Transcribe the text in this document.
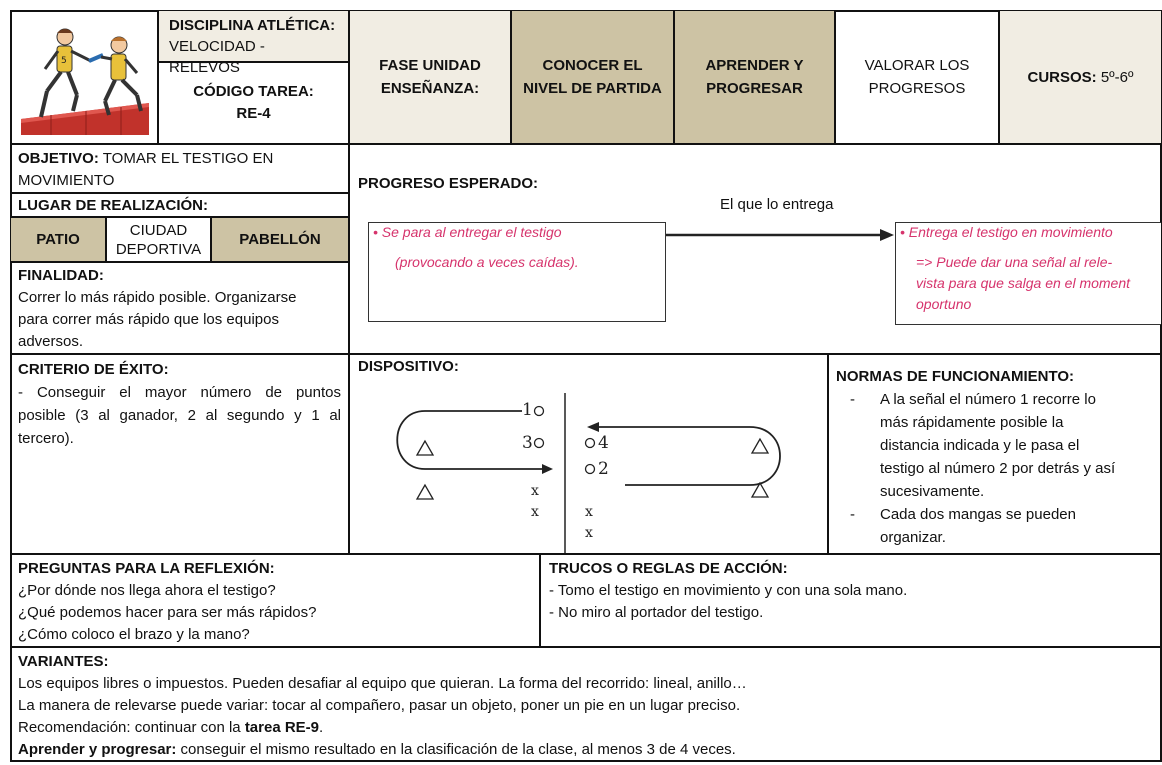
5
DISCIPLINA ATLÉTICA:
VELOCIDAD - RELEVOS
CÓDIGO TAREA:
RE-4
FASE UNIDAD
ENSEÑANZA:
CONOCER EL
NIVEL DE PARTIDA
APRENDER Y
PROGRESAR
VALORAR LOS
PROGRESOS
CURSOS:
5º-6º
OBJETIVO: TOMAR EL TESTIGO EN
MOVIMIENTO
LUGAR DE REALIZACIÓN:
PATIO
CIUDAD
DEPORTIVA
PABELLÓN
FINALIDAD:
Correr lo más rápido posible. Organizarse
para correr más rápido que los equipos
adversos.
PROGRESO ESPERADO:
El que lo entrega
• Se para al entregar el testigo
(provocando a veces caídas).
• Entrega el testigo en movimiento
=> Puede dar una señal al rele-
vista para que salga en el moment
oportuno
CRITERIO DE ÉXITO:
- Conseguir el mayor número de puntos
posible (3 al ganador, 2 al segundo y 1 al
tercero).
DISPOSITIVO:
1
3	4
2
x
x	x
x
NORMAS DE FUNCIONAMIENTO:
- A la señal el número 1 recorre lo
más rápidamente posible la
distancia indicada y le pasa el
testigo al número 2 por detrás y así
sucesivamente.
- Cada dos mangas se pueden
organizar.
PREGUNTAS PARA LA REFLEXIÓN:
¿Por dónde nos llega ahora el testigo?
¿Qué podemos hacer para ser más rápidos?
¿Cómo coloco el brazo y la mano?
TRUCOS O REGLAS DE ACCIÓN:
- Tomo el testigo en movimiento y con una sola mano.
- No miro al portador del testigo.
VARIANTES:
Los equipos libres o impuestos. Pueden desafiar al equipo que quieran. La forma del recorrido: lineal, anillo…
La manera de relevarse puede variar: tocar al compañero, pasar un objeto, poner un pie en un lugar preciso.
Recomendación: continuar con la tarea RE-9.
Aprender y progresar: conseguir el mismo resultado en la clasificación de la clase, al menos 3 de 4 veces.
